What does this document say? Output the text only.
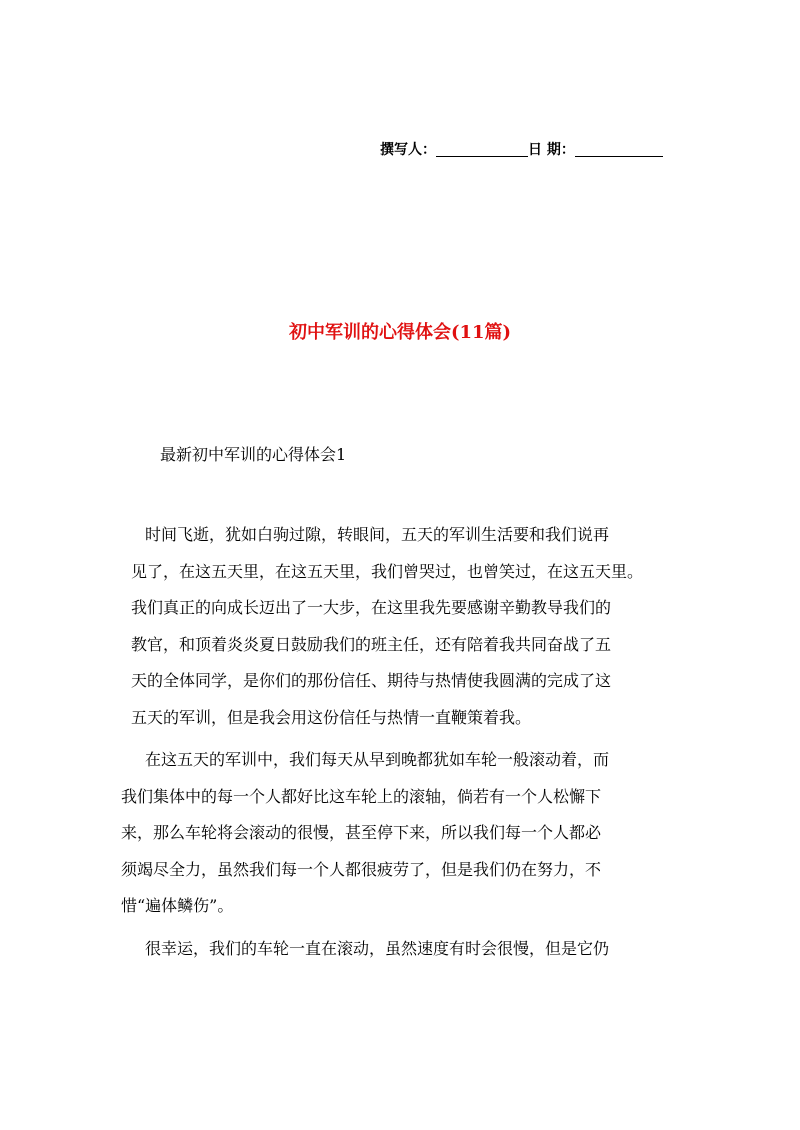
撰写人：	日 期：
初中军训的心得体会(11篇)
最新初中军训的心得体会1

时间飞逝，犹如白驹过隙，转眼间，五天的军训生活要和我们说再
见了，在这五天里，在这五天里，我们曾哭过，也曾笑过，在这五天里。
我们真正的向成长迈出了一大步，在这里我先要感谢辛勤教导我们的
教官，和顶着炎炎夏日鼓励我们的班主任，还有陪着我共同奋战了五
天的全体同学，是你们的那份信任、期待与热情使我圆满的完成了这
五天的军训，但是我会用这份信任与热情一直鞭策着我。

在这五天的军训中，我们每天从早到晚都犹如车轮一般滚动着，而
我们集体中的每一个人都好比这车轮上的滚轴，倘若有一个人松懈下
来，那么车轮将会滚动的很慢，甚至停下来，所以我们每一个人都必
须竭尽全力，虽然我们每一个人都很疲劳了，但是我们仍在努力，不
惜“遍体鳞伤”。

很幸运，我们的车轮一直在滚动，虽然速度有时会很慢，但是它仍
